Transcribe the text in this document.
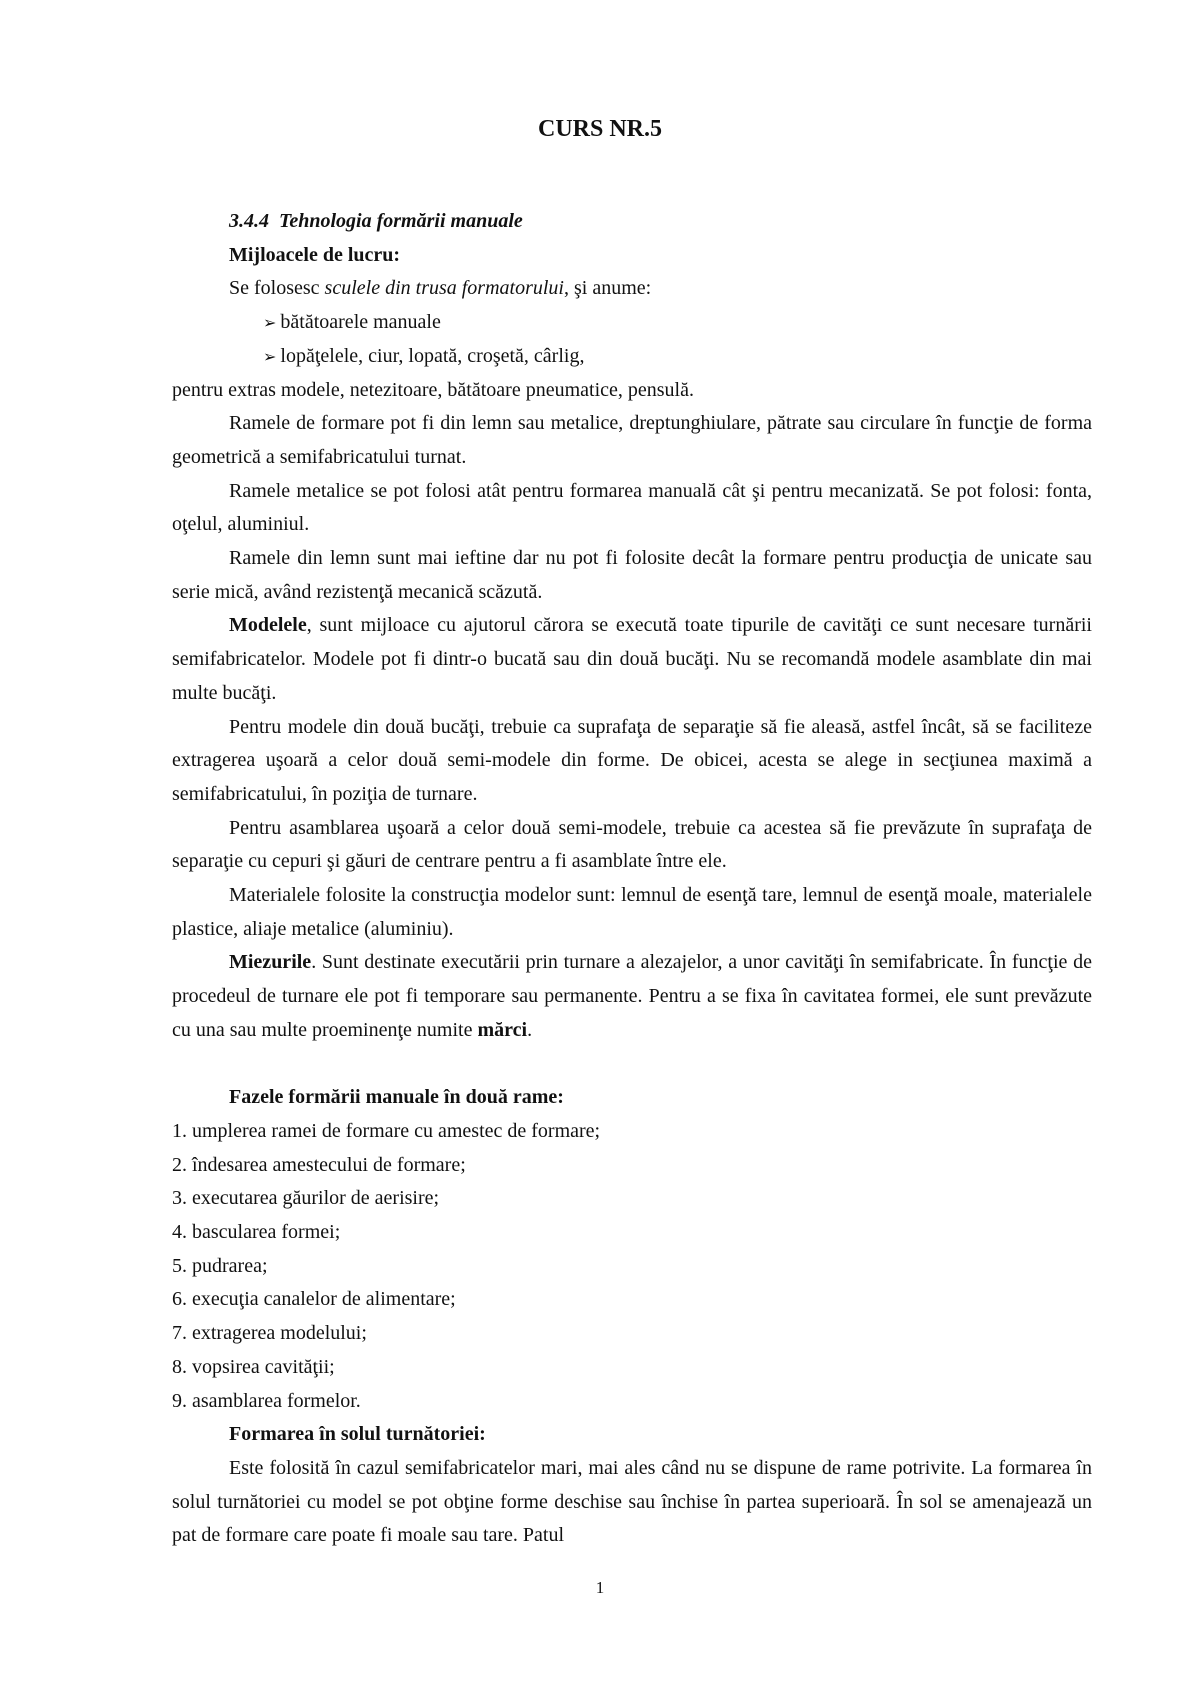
CURS NR.5

3.4.4 Tehnologia formării manuale

Mijloacele de lucru:

Se folosesc sculele din trusa formatorului, şi anume:

➢ bătătoarele manuale

➢ lopăţelele, ciur, lopată, croşetă, cârlig,

pentru extras modele, netezitoare, bătătoare pneumatice, pensulă.

Ramele de formare pot fi din lemn sau metalice, dreptunghiulare, pătrate sau circulare în funcţie de forma geometrică a semifabricatului turnat.

Ramele metalice se pot folosi atât pentru formarea manuală cât şi pentru mecanizată. Se pot folosi: fonta, oţelul, aluminiul.

Ramele din lemn sunt mai ieftine dar nu pot fi folosite decât la formare pentru producţia de unicate sau serie mică, având rezistenţă mecanică scăzută.

Modelele, sunt mijloace cu ajutorul cărora se execută toate tipurile de cavităţi ce sunt necesare turnării semifabricatelor. Modele pot fi dintr-o bucată sau din două bucăţi. Nu se recomandă modele asamblate din mai multe bucăţi.

Pentru modele din două bucăţi, trebuie ca suprafaţa de separaţie să fie aleasă, astfel încât, să se faciliteze extragerea uşoară a celor două semi-modele din forme. De obicei, acesta se alege in secţiunea maximă a semifabricatului, în poziţia de turnare.

Pentru asamblarea uşoară a celor două semi-modele, trebuie ca acestea să fie prevăzute în suprafaţa de separaţie cu cepuri şi găuri de centrare pentru a fi asamblate între ele.

Materialele folosite la construcţia modelor sunt: lemnul de esenţă tare, lemnul de esenţă moale, materialele plastice, aliaje metalice (aluminiu).

Miezurile. Sunt destinate executării prin turnare a alezajelor, a unor cavităţi în semifabricate. În funcţie de procedeul de turnare ele pot fi temporare sau permanente. Pentru a se fixa în cavitatea formei, ele sunt prevăzute cu una sau multe proeminenţe numite mărci.

Fazele formării manuale în două rame:

1. umplerea ramei de formare cu amestec de formare;

2. îndesarea amestecului de formare;

3. executarea găurilor de aerisire;

4. bascularea formei;

5. pudrarea;

6. execuţia canalelor de alimentare;

7. extragerea modelului;

8. vopsirea cavităţii;

9. asamblarea formelor.

Formarea în solul turnătoriei:

Este folosită în cazul semifabricatelor mari, mai ales când nu se dispune de rame potrivite. La formarea în solul turnătoriei cu model se pot obţine forme deschise sau închise în partea superioară. În sol se amenajează un pat de formare care poate fi moale sau tare. Patul

1
